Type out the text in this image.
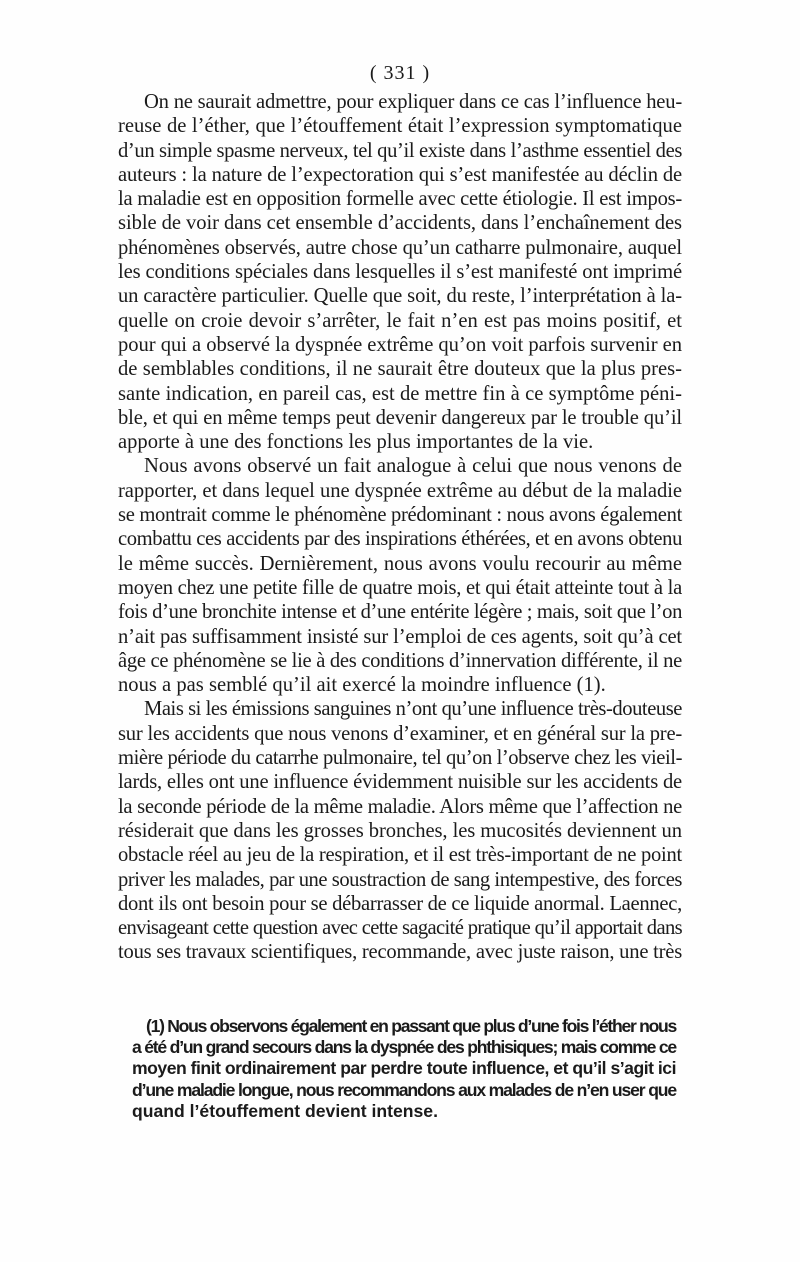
( 331 )
On ne saurait admettre, pour expliquer dans ce cas l’influence heu-
reuse de l’éther, que l’étouffement était l’expression symptomatique
d’un simple spasme nerveux, tel qu’il existe dans l’asthme essentiel des
auteurs : la nature de l’expectoration qui s’est manifestée au déclin de
la maladie est en opposition formelle avec cette étiologie. Il est impos-
sible de voir dans cet ensemble d’accidents, dans l’enchaînement des
phénomènes observés, autre chose qu’un catharre pulmonaire, auquel
les conditions spéciales dans lesquelles il s’est manifesté ont imprimé
un caractère particulier. Quelle que soit, du reste, l’interprétation à la-
quelle on croie devoir s’arrêter, le fait n’en est pas moins positif, et
pour qui a observé la dyspnée extrême qu’on voit parfois survenir en
de semblables conditions, il ne saurait être douteux que la plus pres-
sante indication, en pareil cas, est de mettre fin à ce symptôme péni-
ble, et qui en même temps peut devenir dangereux par le trouble qu’il
apporte à une des fonctions les plus importantes de la vie.
Nous avons observé un fait analogue à celui que nous venons de
rapporter, et dans lequel une dyspnée extrême au début de la maladie
se montrait comme le phénomène prédominant : nous avons également
combattu ces accidents par des inspirations éthérées, et en avons obtenu
le même succès. Dernièrement, nous avons voulu recourir au même
moyen chez une petite fille de quatre mois, et qui était atteinte tout à la
fois d’une bronchite intense et d’une entérite légère ; mais, soit que l’on
n’ait pas suffisamment insisté sur l’emploi de ces agents, soit qu’à cet
âge ce phénomène se lie à des conditions d’innervation différente, il ne
nous a pas semblé qu’il ait exercé la moindre influence (1).
Mais si les émissions sanguines n’ont qu’une influence très-douteuse
sur les accidents que nous venons d’examiner, et en général sur la pre-
mière période du catarrhe pulmonaire, tel qu’on l’observe chez les vieil-
lards, elles ont une influence évidemment nuisible sur les accidents de
la seconde période de la même maladie. Alors même que l’affection ne
résiderait que dans les grosses bronches, les mucosités deviennent un
obstacle réel au jeu de la respiration, et il est très-important de ne point
priver les malades, par une soustraction de sang intempestive, des forces
dont ils ont besoin pour se débarrasser de ce liquide anormal. Laennec,
envisageant cette question avec cette sagacité pratique qu’il apportait dans
tous ses travaux scientifiques, recommande, avec juste raison, une très
(1) Nous observons également en passant que plus d’une fois l’éther nous
a été d’un grand secours dans la dyspnée des phthisiques; mais comme ce
moyen finit ordinairement par perdre toute influence, et qu’il s’agit ici
d’une maladie longue, nous recommandons aux malades de n’en user que
quand l’étouffement devient intense.
